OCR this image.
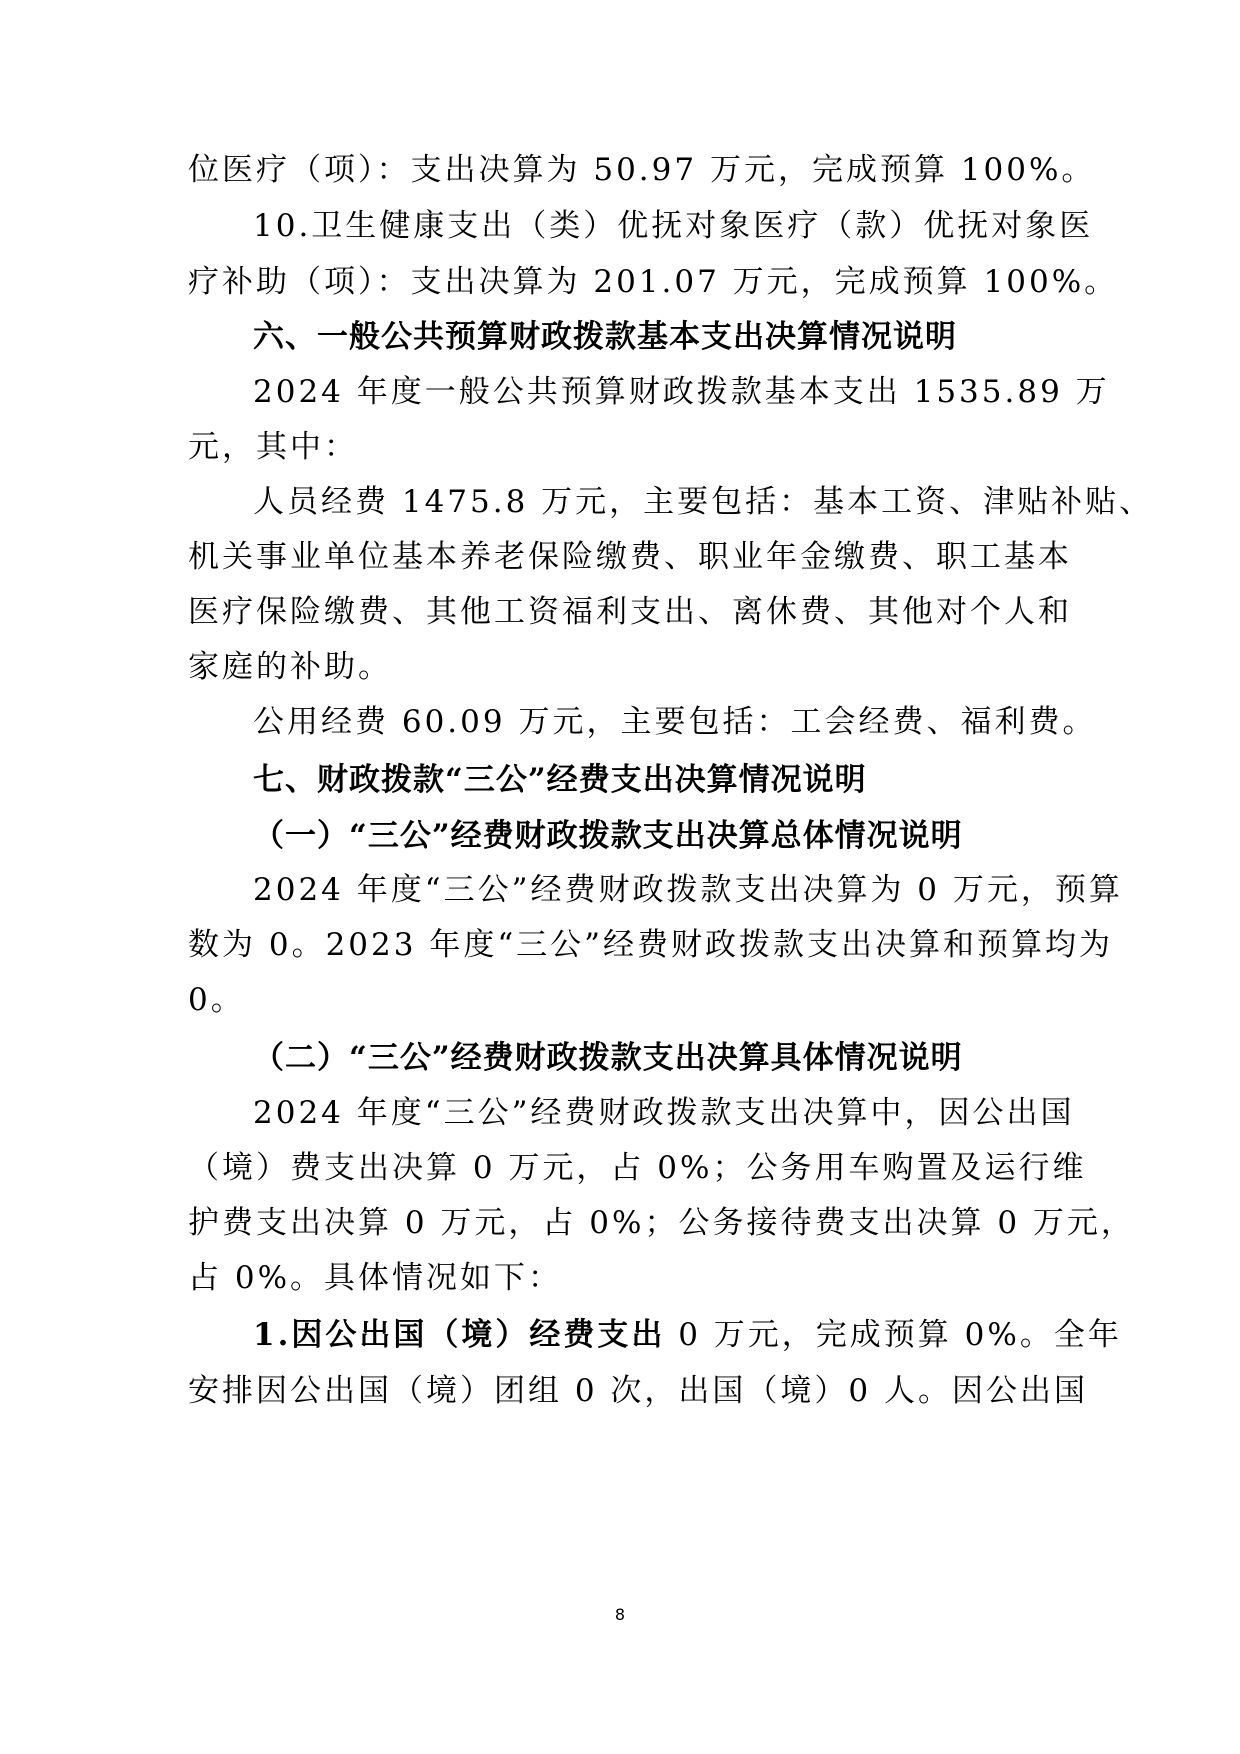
位医疗（项）：支出决算为 50.97 万元，完成预算 100%。
10.卫生健康支出（类）优抚对象医疗（款）优抚对象医
疗补助（项）：支出决算为 201.07 万元，完成预算 100%。
六、一般公共预算财政拨款基本支出决算情况说明
2024 年度一般公共预算财政拨款基本支出 1535.89 万
元，其中：
人员经费 1475.8 万元，主要包括：基本工资、津贴补贴、
机关事业单位基本养老保险缴费、职业年金缴费、职工基本
医疗保险缴费、其他工资福利支出、离休费、其他对个人和
家庭的补助。
公用经费 60.09 万元，主要包括：工会经费、福利费。
七、财政拨款“三公”经费支出决算情况说明
（一）“三公”经费财政拨款支出决算总体情况说明
2024 年度“三公”经费财政拨款支出决算为 0 万元，预算
数为 0。2023 年度“三公”经费财政拨款支出决算和预算均为
0。
（二）“三公”经费财政拨款支出决算具体情况说明
2024 年度“三公”经费财政拨款支出决算中，因公出国
（境）费支出决算 0 万元，占 0%；公务用车购置及运行维
护费支出决算 0 万元，占 0%；公务接待费支出决算 0 万元，
占 0%。具体情况如下：
1.因公出国（境）经费支出 0 万元，完成预算 0%。全年
安排因公出国（境）团组 0 次，出国（境）0 人。因公出国
8
